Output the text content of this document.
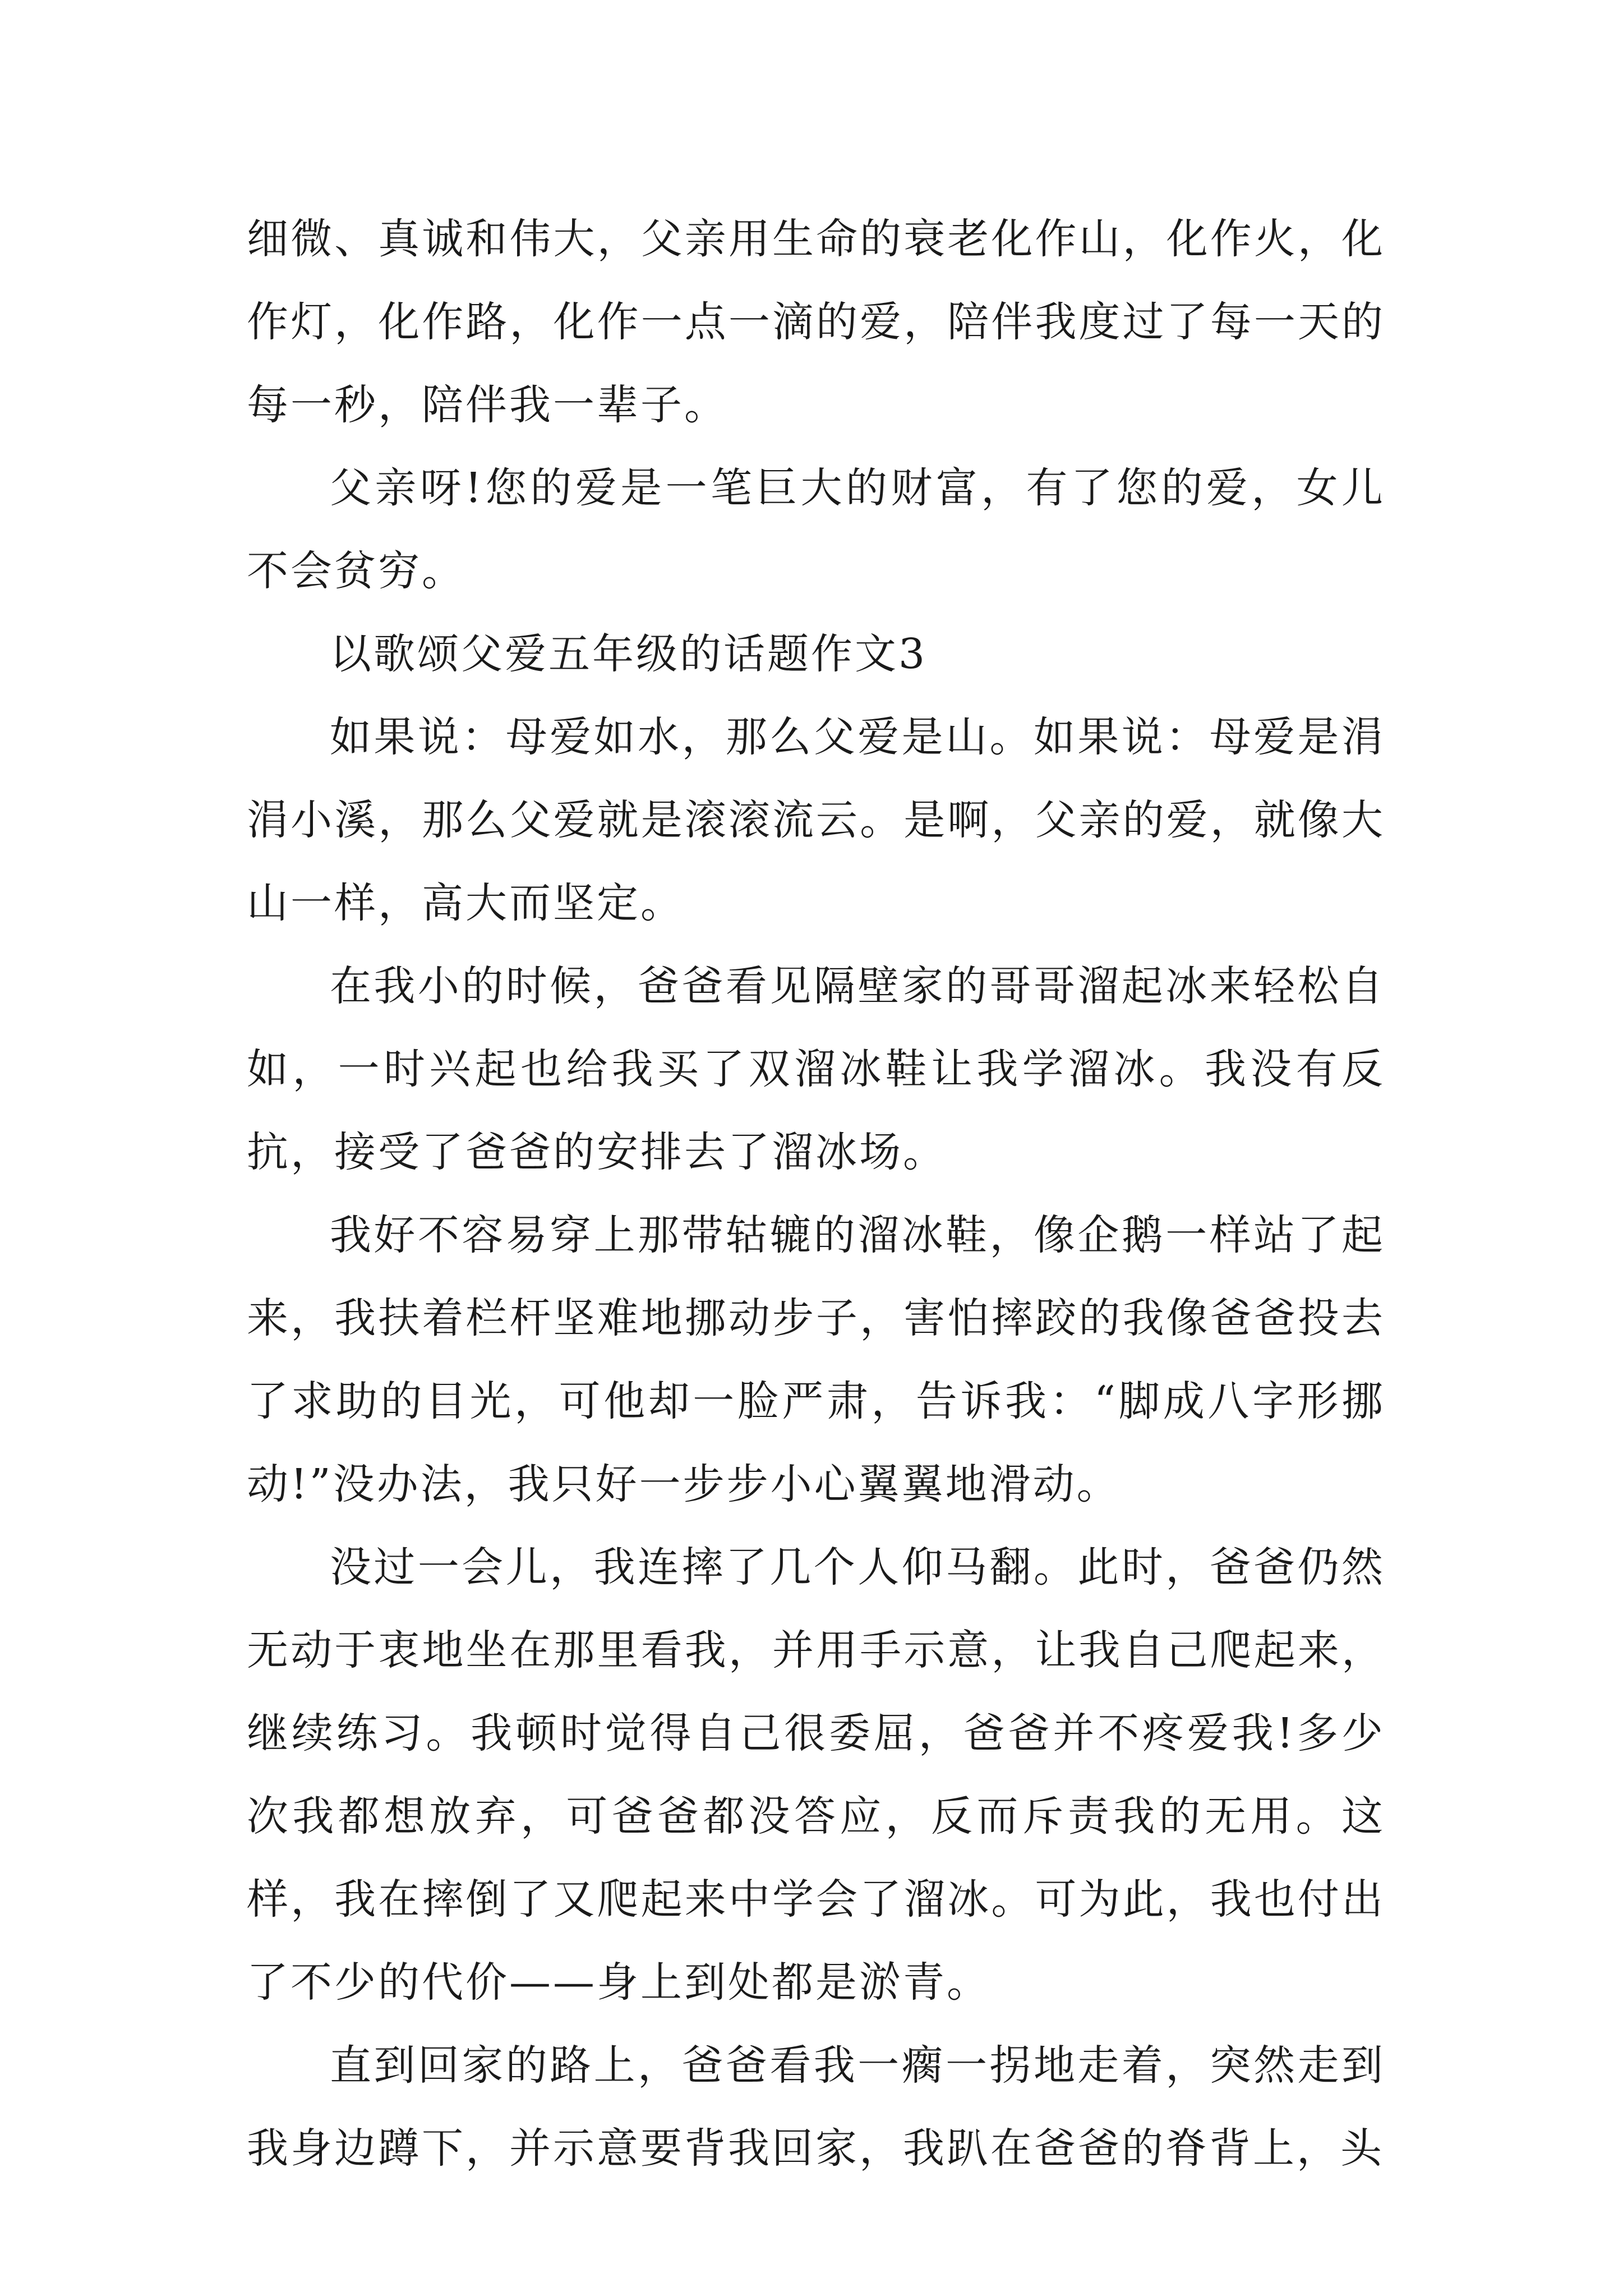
细微、真诚和伟大，父亲用生命的衰老化作山，化作火，化作灯，化作路，化作一点一滴的爱，陪伴我度过了每一天的每一秒，陪伴我一辈子。

父亲呀!您的爱是一笔巨大的财富，有了您的爱，女儿不会贫穷。

以歌颂父爱五年级的话题作文3

如果说：母爱如水，那么父爱是山。如果说：母爱是涓涓小溪，那么父爱就是滚滚流云。是啊，父亲的爱，就像大山一样，高大而坚定。

在我小的时候，爸爸看见隔壁家的哥哥溜起冰来轻松自如，一时兴起也给我买了双溜冰鞋让我学溜冰。我没有反抗，接受了爸爸的安排去了溜冰场。

我好不容易穿上那带轱辘的溜冰鞋，像企鹅一样站了起来，我扶着栏杆坚难地挪动步子，害怕摔跤的我像爸爸投去了求助的目光，可他却一脸严肃，告诉我：“脚成八字形挪动!”没办法，我只好一步步小心翼翼地滑动。

没过一会儿，我连摔了几个人仰马翻。此时，爸爸仍然无动于衷地坐在那里看我，并用手示意，让我自己爬起来，继续练习。我顿时觉得自己很委屈，爸爸并不疼爱我!多少次我都想放弃，可爸爸都没答应，反而斥责我的无用。这样，我在摔倒了又爬起来中学会了溜冰。可为此，我也付出了不少的代价——身上到处都是淤青。

直到回家的路上，爸爸看我一瘸一拐地走着，突然走到我身边蹲下，并示意要背我回家，我趴在爸爸的脊背上，头
